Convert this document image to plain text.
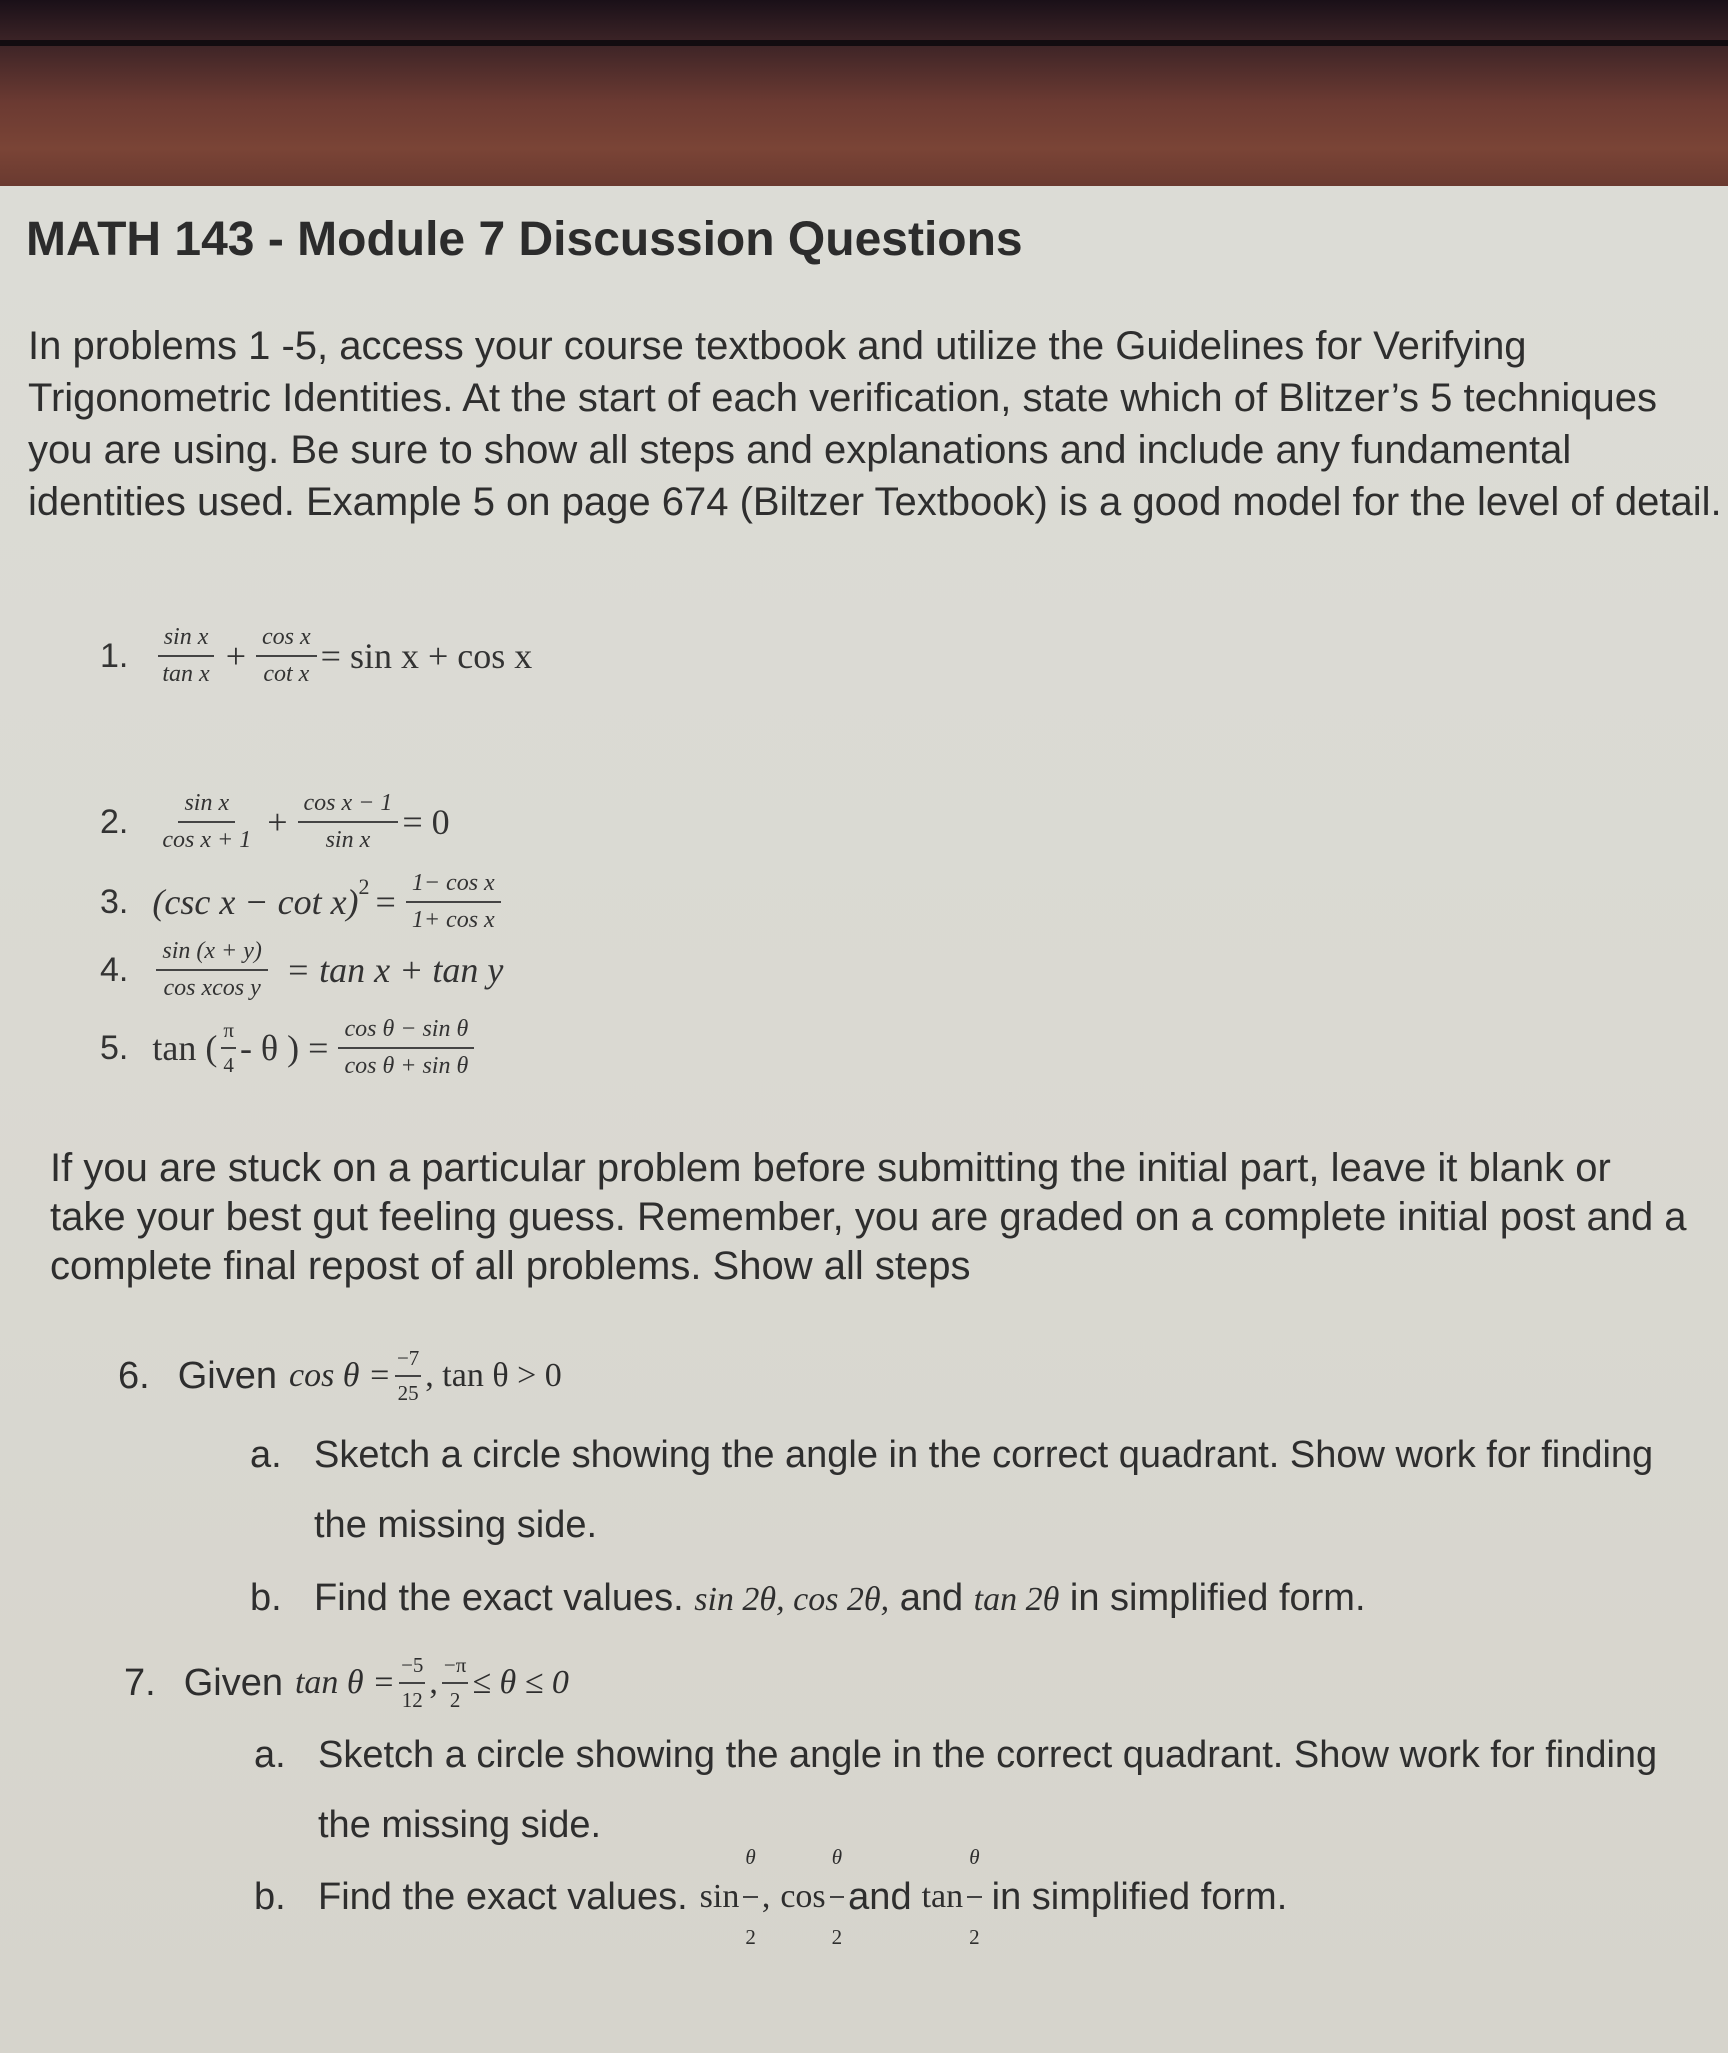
MATH 143 - Module 7 Discussion Questions
In problems 1 -5, access your course textbook and utilize the Guidelines for Verifying Trigonometric Identities. At the start of each verification, state which of Blitzer’s 5 techniques you are using. Be sure to show all steps and explanations and include any fundamental identities used. Example 5 on page 674 (Biltzer Textbook) is a good model for the level of detail.
1. $\frac{\text{sin x}}{\text{tan x}} + \frac{\text{cos x}}{\text{cot x}} = \sin x + \cos x$
2. $\frac{\text{sin x}}{\text{cos x + 1}} + \frac{\text{cos x − 1}}{\text{sin x}} = 0$
3. (csc $x - \cot x)^2 = \frac{\text{1− cos x}}{\text{1+ cos x}}$
4. $\frac{\sin (x + y)}{\text{cos xcos y}} = \tan x + \tan y$
5. tan ( $\frac{\pi}{4}$ - θ ) = $\frac{\text{cos θ − sin θ}}{\text{cos θ + sin θ}}$
If you are stuck on a particular problem before submitting the initial part, leave it blank or take your best gut feeling guess. Remember, you are graded on a complete initial post and a complete final repost of all problems. Show all steps
6. Given $\cos \theta = \frac{-7}{25}$ , tan θ > 0
a. Sketch a circle showing the angle in the correct quadrant. Show work for finding the missing side.
b. Find the exact values. sin 2θ, cos 2θ, and tan 2θ in simplified form.
7. Given $\tan \theta = \frac{-5}{12}$ , $\frac{-\pi}{2} \le \theta \le 0$
a. Sketch a circle showing the angle in the correct quadrant. Show work for finding the missing side.
b. Find the exact values. $\sin \frac{\theta}{2}$ , $\cos \frac{\theta}{2}$ and $\tan \frac{\theta}{2}$ in simplified form.
